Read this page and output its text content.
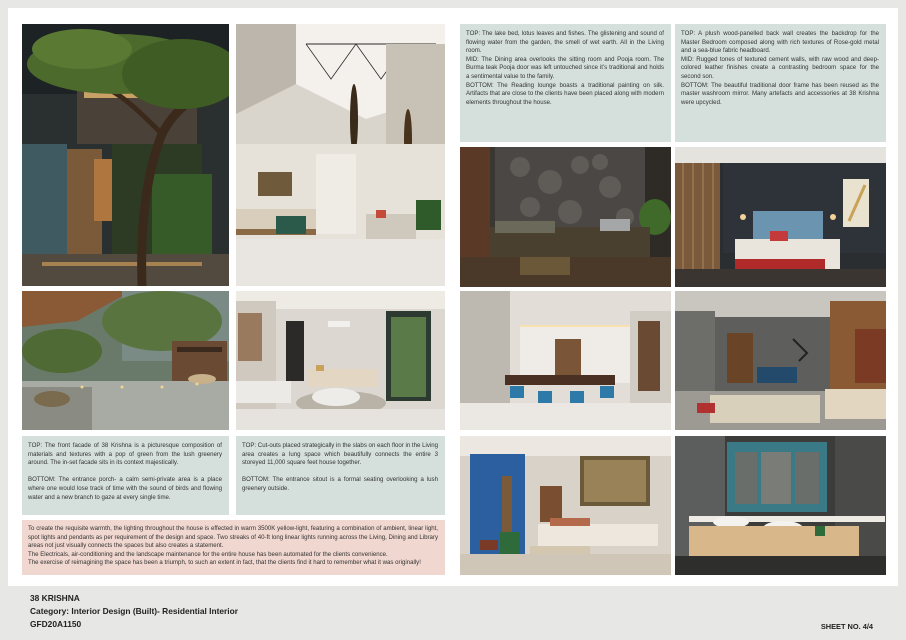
TOP: The lake bed, lotus leaves and fishes. The glistening and sound of flowing water from the garden, the smell of wet earth. All in the Living room.

MID: The Dining area overlooks the sitting room and Pooja room. The Burma teak Pooja door was left untouched since it’s traditional and holds a sentimental value to the family.

BOTTOM: The Reading lounge boasts a traditional painting on silk. Artifacts that are close to the clients have been placed along with modern elements throughout the house.

TOP: A plush wood-panelled back wall creates the backdrop for the Master Bedroom composed along with rich textures of Rose-gold metal and a sea-blue fabric headboard.

MID: Rugged tones of textured cement walls, with raw wood and deep-colored leather finishes create a contrasting bedroom space for the second son.

BOTTOM: The beautiful traditional door frame has been reused as the master washroom mirror. Many artefacts and accessories at 38 Krishna were upcycled.

TOP: The front facade of 38 Krishna is a picturesque composition of materials and textures with a pop of green from the lush greenery around. The in-set facade sits in its context majestically.

BOTTOM: The entrance porch- a calm semi-private area is a place where one would lose track of time with the sound of birds and flowing water and a new branch to gaze at every single time.

TOP: Cut-outs placed strategically in the slabs on each floor in the Living area creates a lung space which beautifully connects the entire 3 storeyed 11,000 square feet house together.

BOTTOM: The entrance sitout is a formal seating overlooking a lush greenery outside.

To create the requisite warmth, the lighting throughout the house is effected in warm 3500K yellow-light, featuring a combination of ambient, linear light, spot lights and pendants as per requirement of the design and space. Two streaks of 40-ft long linear lights running across the Living, Dining and Library areas not just visually connects the spaces but also creates a statement.

The Electricals, air-conditioning and the landscape maintenance for the entire house has been automated for the clients convenience.

The exercise of reimagining the space has been a triumph, to such an extent in fact, that the clients find it hard to remember what it was originally!

38 KRISHNA
Category: Interior Design (Built)- Residential Interior
GFD20A1150	SHEET NO. 4/4
